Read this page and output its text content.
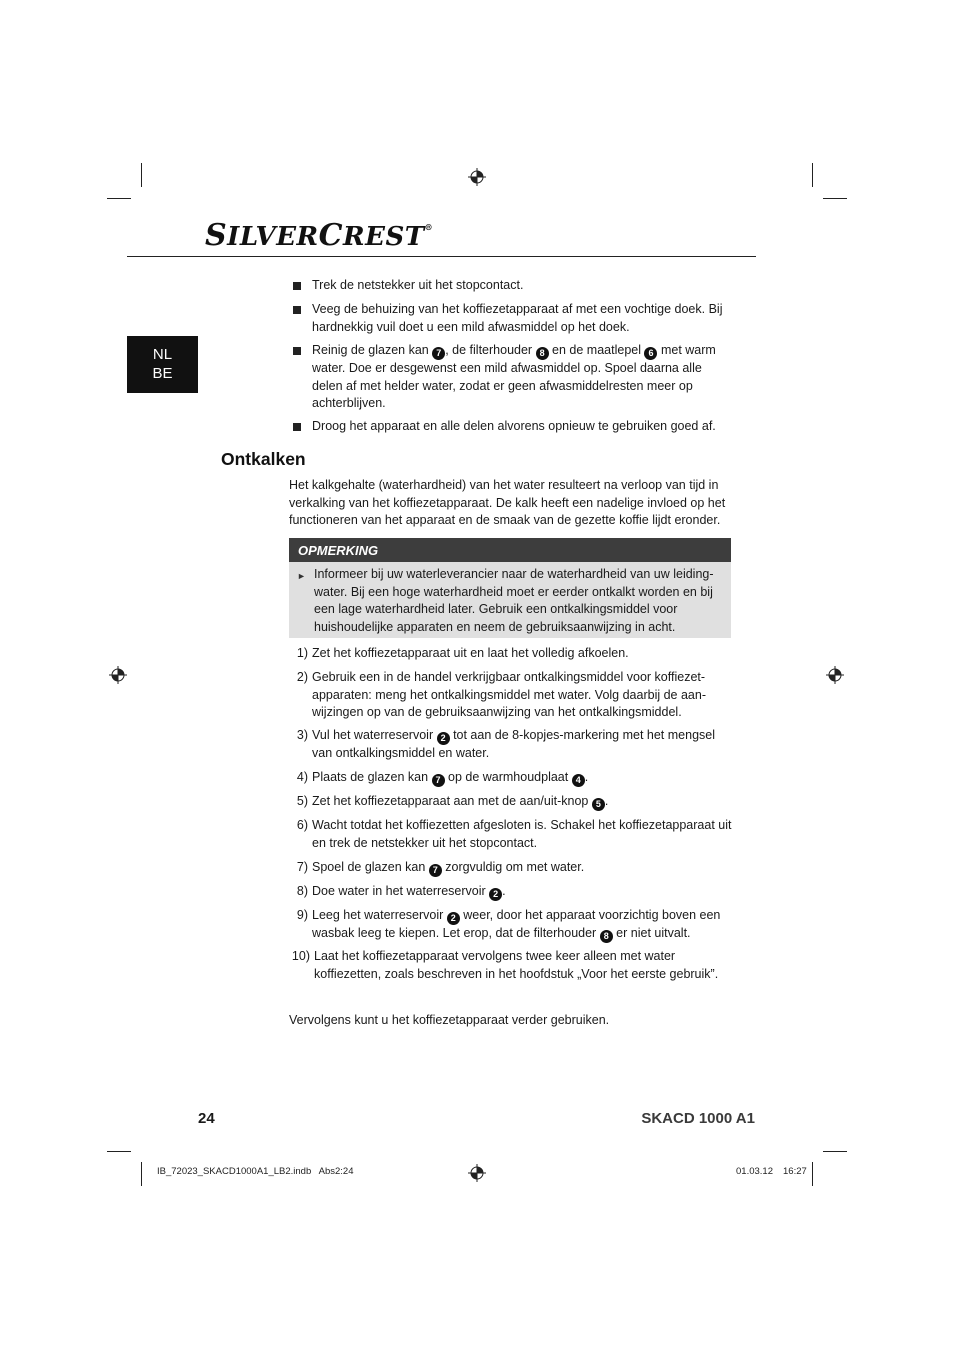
SILVERCREST®
NL
BE
Trek de netstekker uit het stopcontact.
Veeg de behuizing van het koffiezetapparaat af met een vochtige doek. Bij hardnekkig vuil doet u een mild afwasmiddel op het doek.
Reinig de glazen kan 7 , de filterhouder 8 en de maatlepel 6 met warm water. Doe er desgewenst een mild afwasmiddel op. Spoel daarna alle delen af met helder water, zodat er geen afwasmiddelresten meer op achterblijven.
Droog het apparaat en alle delen alvorens opnieuw te gebruiken goed af.
Ontkalken
Het kalkgehalte (waterhardheid) van het water resulteert na verloop van tijd in verkalking van het koffiezetapparaat. De kalk heeft een nadelige invloed op het functioneren van het apparaat en de smaak van de gezette koffie lijdt eronder.
OPMERKING
► Informeer bij uw waterleverancier naar de waterhardheid van uw leiding-water. Bij een hoge waterhardheid moet er eerder ontkalkt worden en bij een lage waterhardheid later. Gebruik een ontkalkingsmiddel voor huishoudelijke apparaten en neem de gebruiksaanwijzing in acht.
1) Zet het koffiezetapparaat uit en laat het volledig afkoelen.
2) Gebruik een in de handel verkrijgbaar ontkalkingsmiddel voor koffiezet-apparaten: meng het ontkalkingsmiddel met water. Volg daarbij de aan-wijzingen op van de gebruiksaanwijzing van het ontkalkingsmiddel.
3) Vul het waterreservoir 2 tot aan de 8-kopjes-markering met het mengsel van ontkalkingsmiddel en water.
4) Plaats de glazen kan 7 op de warmhoudplaat 4 .
5) Zet het koffiezetapparaat aan met de aan/uit-knop 5 .
6) Wacht totdat het koffiezetten afgesloten is. Schakel het koffiezetapparaat uit en trek de netstekker uit het stopcontact.
7) Spoel de glazen kan 7 zorgvuldig om met water.
8) Doe water in het waterreservoir 2 .
9) Leeg het waterreservoir 2 weer, door het apparaat voorzichtig boven een wasbak leeg te kiepen. Let erop, dat de filterhouder 8 er niet uitvalt.
10) Laat het koffiezetapparaat vervolgens twee keer alleen met water koffiezetten, zoals beschreven in het hoofdstuk „Voor het eerste gebruik”.
Vervolgens kunt u het koffiezetapparaat verder gebruiken.
24	SKACD 1000 A1
IB_72023_SKACD1000A1_LB2.indb   Abs2:24	01.03.12 16:27
